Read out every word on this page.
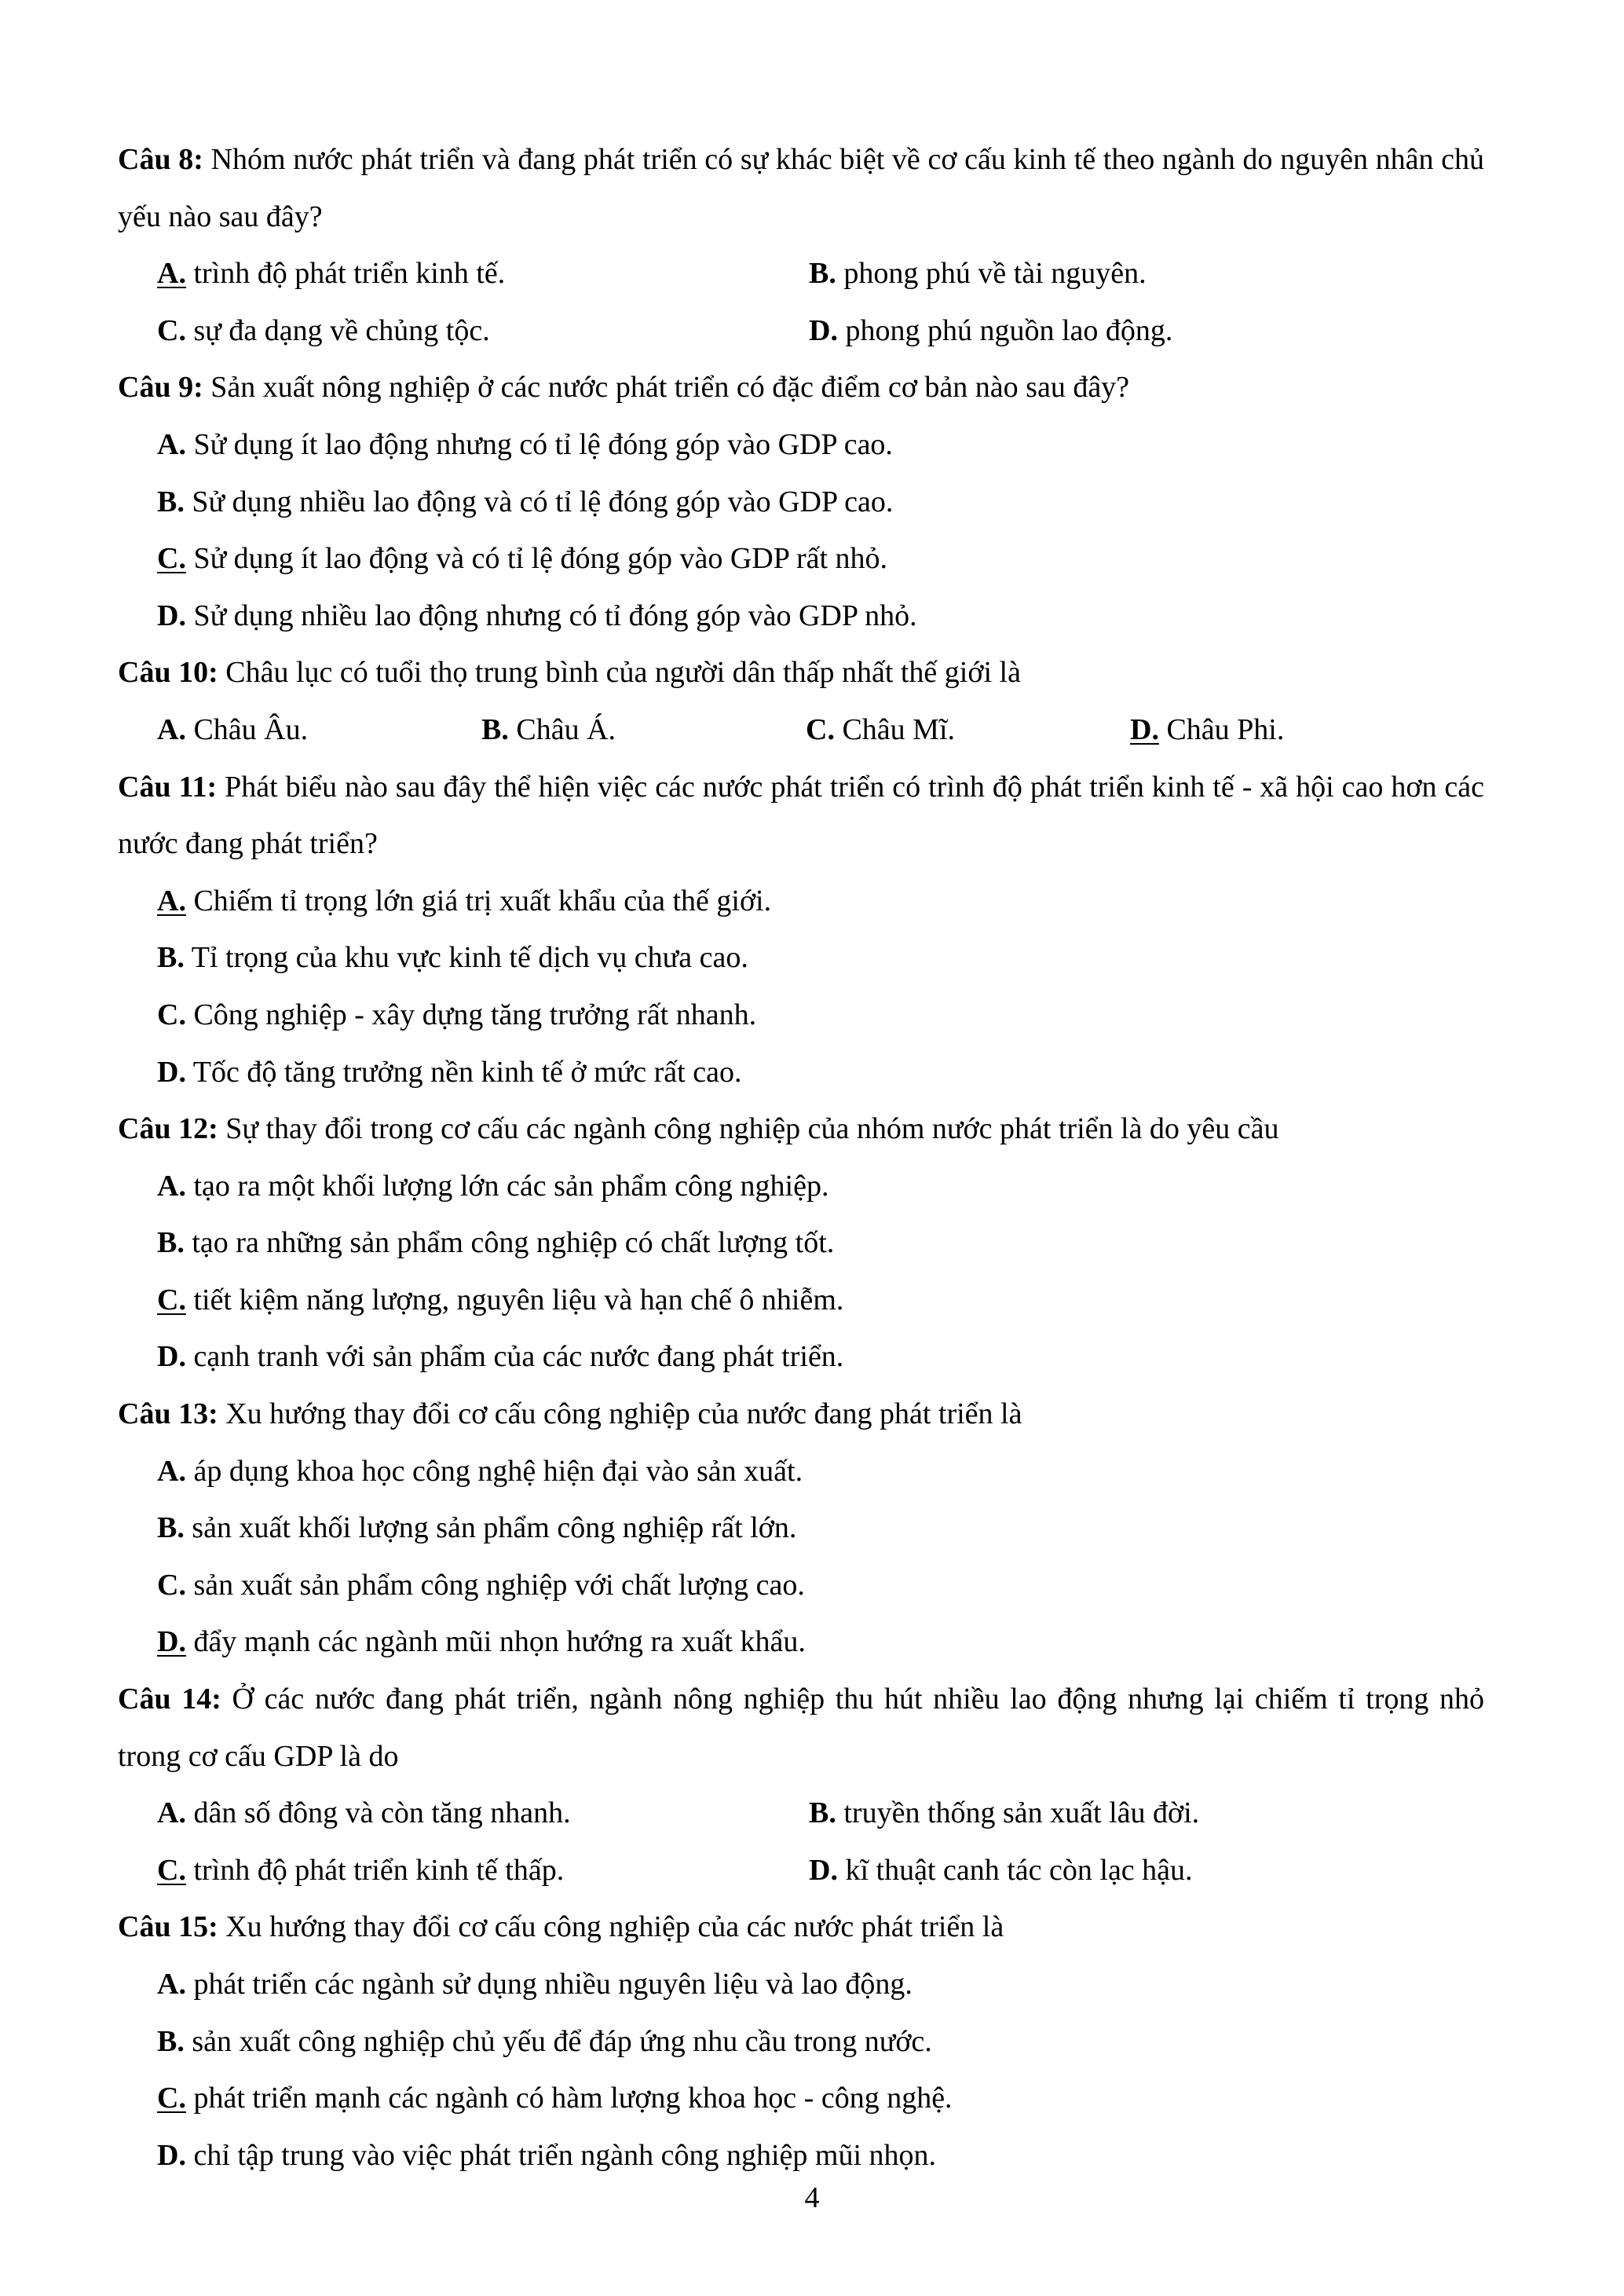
Câu 8: Nhóm nước phát triển và đang phát triển có sự khác biệt về cơ cấu kinh tế theo ngành do nguyên nhân chủ yếu nào sau đây?
A. trình độ phát triển kinh tế.	B. phong phú về tài nguyên.
C. sự đa dạng về chủng tộc.	D. phong phú nguồn lao động.
Câu 9: Sản xuất nông nghiệp ở các nước phát triển có đặc điểm cơ bản nào sau đây?
A. Sử dụng ít lao động nhưng có tỉ lệ đóng góp vào GDP cao.
B. Sử dụng nhiều lao động và có tỉ lệ đóng góp vào GDP cao.
C. Sử dụng ít lao động và có tỉ lệ đóng góp vào GDP rất nhỏ.
D. Sử dụng nhiều lao động nhưng có tỉ đóng góp vào GDP nhỏ.
Câu 10: Châu lục có tuổi thọ trung bình của người dân thấp nhất thế giới là
A. Châu Âu.	B. Châu Á.	C. Châu Mĩ.	D. Châu Phi.
Câu 11: Phát biểu nào sau đây thể hiện việc các nước phát triển có trình độ phát triển kinh tế - xã hội cao hơn các nước đang phát triển?
A. Chiếm tỉ trọng lớn giá trị xuất khẩu của thế giới.
B. Tỉ trọng của khu vực kinh tế dịch vụ chưa cao.
C. Công nghiệp - xây dựng tăng trưởng rất nhanh.
D. Tốc độ tăng trưởng nền kinh tế ở mức rất cao.
Câu 12: Sự thay đổi trong cơ cấu các ngành công nghiệp của nhóm nước phát triển là do yêu cầu
A. tạo ra một khối lượng lớn các sản phẩm công nghiệp.
B. tạo ra những sản phẩm công nghiệp có chất lượng tốt.
C. tiết kiệm năng lượng, nguyên liệu và hạn chế ô nhiễm.
D. cạnh tranh với sản phẩm của các nước đang phát triển.
Câu 13: Xu hướng thay đổi cơ cấu công nghiệp của nước đang phát triển là
A. áp dụng khoa học công nghệ hiện đại vào sản xuất.
B. sản xuất khối lượng sản phẩm công nghiệp rất lớn.
C. sản xuất sản phẩm công nghiệp với chất lượng cao.
D. đẩy mạnh các ngành mũi nhọn hướng ra xuất khẩu.
Câu 14: Ở các nước đang phát triển, ngành nông nghiệp thu hút nhiều lao động nhưng lại chiếm tỉ trọng nhỏ trong cơ cấu GDP là do
A. dân số đông và còn tăng nhanh.	B. truyền thống sản xuất lâu đời.
C. trình độ phát triển kinh tế thấp.	D. kĩ thuật canh tác còn lạc hậu.
Câu 15: Xu hướng thay đổi cơ cấu công nghiệp của các nước phát triển là
A. phát triển các ngành sử dụng nhiều nguyên liệu và lao động.
B. sản xuất công nghiệp chủ yếu để đáp ứng nhu cầu trong nước.
C. phát triển mạnh các ngành có hàm lượng khoa học - công nghệ.
D. chỉ tập trung vào việc phát triển ngành công nghiệp mũi nhọn.
4
